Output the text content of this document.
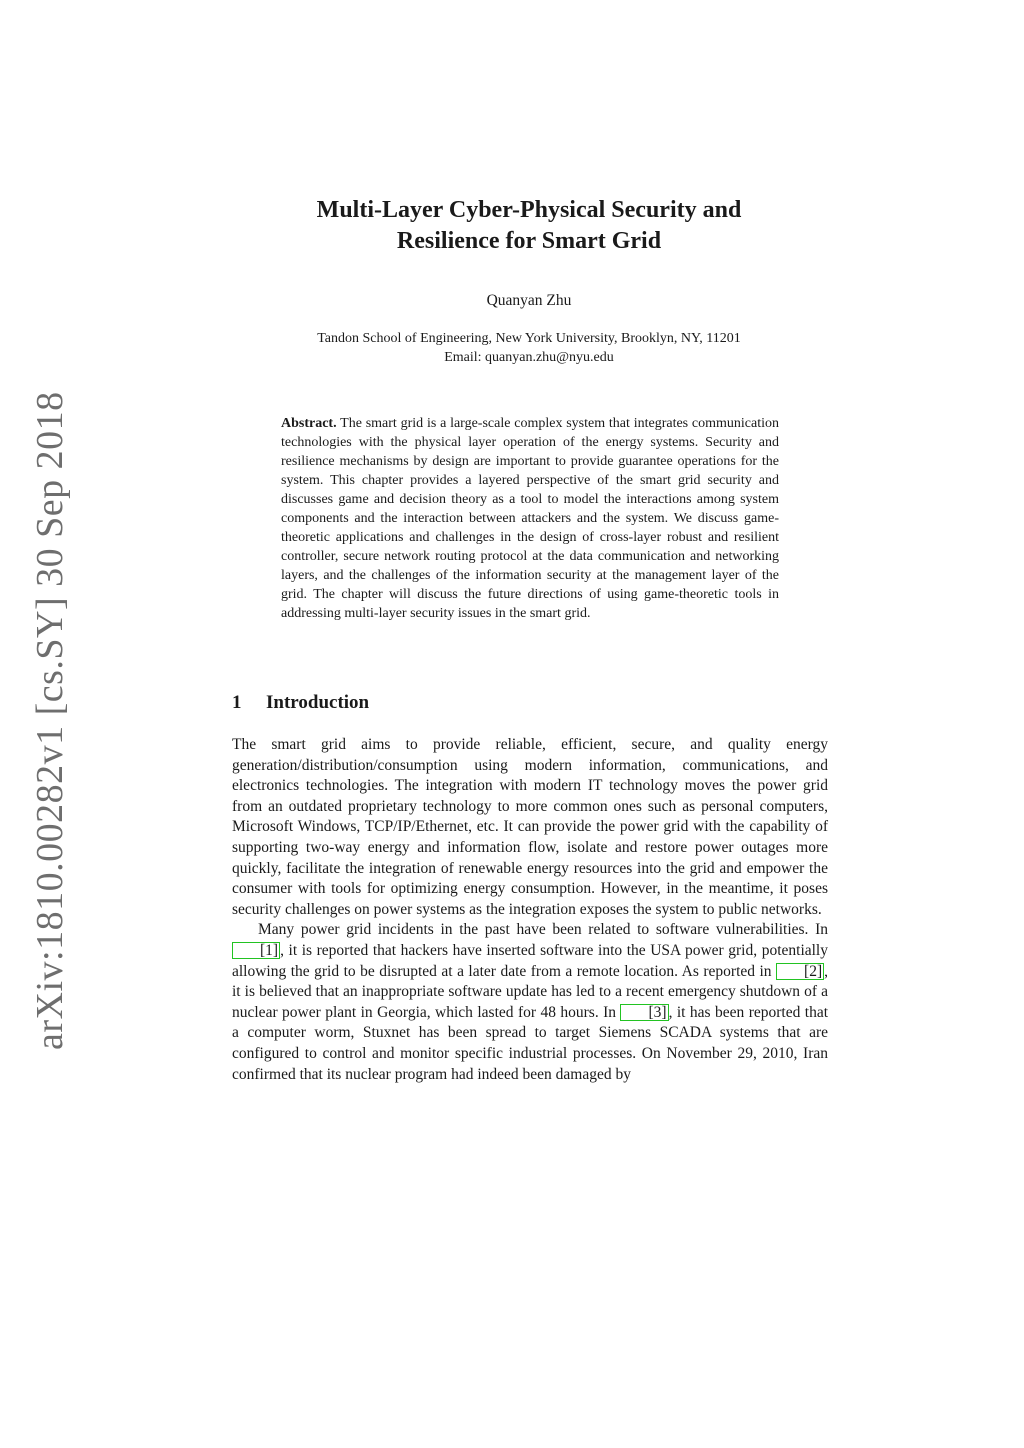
arXiv:1810.00282v1 [cs.SY] 30 Sep 2018
Multi-Layer Cyber-Physical Security and
Resilience for Smart Grid
Quanyan Zhu
Tandon School of Engineering, New York University, Brooklyn, NY, 11201
Email: quanyan.zhu@nyu.edu
Abstract. The smart grid is a large-scale complex system that integrates communication technologies with the physical layer operation of the energy systems. Security and resilience mechanisms by design are important to provide guarantee operations for the system. This chapter provides a layered perspective of the smart grid security and discusses game and decision theory as a tool to model the interactions among system components and the interaction between attackers and the system. We discuss game-theoretic applications and challenges in the design of cross-layer robust and resilient controller, secure network routing protocol at the data communication and networking layers, and the challenges of the information security at the management layer of the grid. The chapter will discuss the future directions of using game-theoretic tools in addressing multi-layer security issues in the smart grid.
1 Introduction

The smart grid aims to provide reliable, efficient, secure, and quality energy generation/distribution/consumption using modern information, communications, and electronics technologies. The integration with modern IT technology moves the power grid from an outdated proprietary technology to more common ones such as personal computers, Microsoft Windows, TCP/IP/Ethernet, etc. It can provide the power grid with the capability of supporting two-way energy and information flow, isolate and restore power outages more quickly, facilitate the integration of renewable energy resources into the grid and empower the consumer with tools for optimizing energy consumption. However, in the meantime, it poses security challenges on power systems as the integration exposes the system to public networks.

Many power grid incidents in the past have been related to software vulnerabilities. In [1] , it is reported that hackers have inserted software into the USA power grid, potentially allowing the grid to be disrupted at a later date from a remote location. As reported in [2] , it is believed that an inappropriate software update has led to a recent emergency shutdown of a nuclear power plant in Georgia, which lasted for 48 hours. In [3] , it has been reported that a computer worm, Stuxnet has been spread to target Siemens SCADA systems that are configured to control and monitor specific industrial processes. On November 29, 2010, Iran confirmed that its nuclear program had indeed been damaged by
